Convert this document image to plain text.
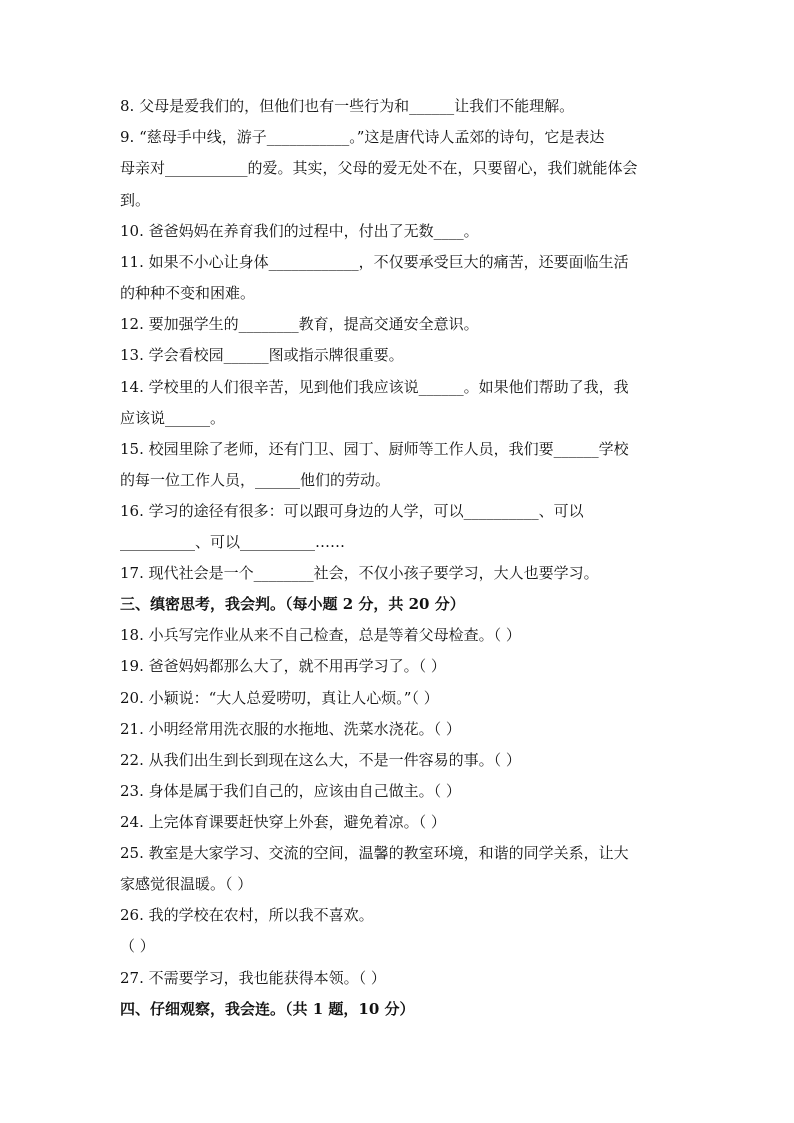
8. 父母是爱我们的，但他们也有一些行为和______让我们不能理解。
9. “慈母手中线，游子___________。”这是唐代诗人孟郊的诗句，它是表达
母亲对___________的爱。其实，父母的爱无处不在，只要留心，我们就能体会
到。
10. 爸爸妈妈在养育我们的过程中，付出了无数____。
11. 如果不小心让身体____________，不仅要承受巨大的痛苦，还要面临生活
的种种不变和困难。
12. 要加强学生的________教育，提高交通安全意识。
13. 学会看校园______图或指示牌很重要。
14. 学校里的人们很辛苦，见到他们我应该说______。如果他们帮助了我，我
应该说______。
15. 校园里除了老师，还有门卫、园丁、厨师等工作人员，我们要______学校
的每一位工作人员，______他们的劳动。
16. 学习的途径有很多：可以跟可身边的人学，可以__________、可以
__________、可以__________……
17. 现代社会是一个________社会，不仅小孩子要学习，大人也要学习。
三、缜密思考，我会判。（每小题 2 分，共 20 分）
18. 小兵写完作业从来不自己检查，总是等着父母检查。（ ）
19. 爸爸妈妈都那么大了，就不用再学习了。（ ）
20. 小颖说：“大人总爱唠叨，真让人心烦。”（ ）
21. 小明经常用洗衣服的水拖地、洗菜水浇花。（ ）
22. 从我们出生到长到现在这么大，不是一件容易的事。（ ）
23. 身体是属于我们自己的，应该由自己做主。（ ）
24. 上完体育课要赶快穿上外套，避免着凉。（ ）
25. 教室是大家学习、交流的空间，温馨的教室环境，和谐的同学关系，让大
家感觉很温暖。（ ）
26. 我的学校在农村，所以我不喜欢。
（ ）
27. 不需要学习，我也能获得本领。（ ）
四、仔细观察，我会连。（共 1 题，10 分）
